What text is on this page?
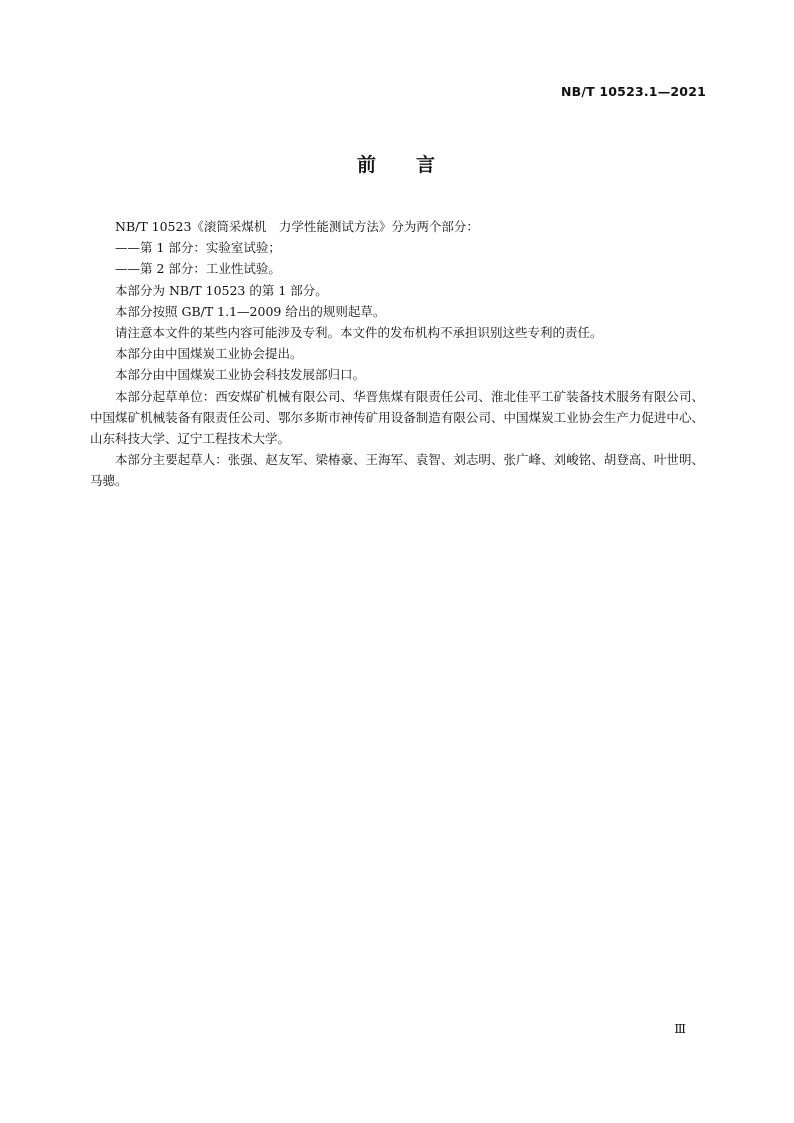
NB/T 10523.1—2021
前 言

NB/T 10523《滚筒采煤机　力学性能测试方法》分为两个部分：

——第 1 部分：实验室试验；

——第 2 部分：工业性试验。

本部分为 NB/T 10523 的第 1 部分。

本部分按照 GB/T 1.1—2009 给出的规则起草。

请注意本文件的某些内容可能涉及专利。本文件的发布机构不承担识别这些专利的责任。

本部分由中国煤炭工业协会提出。

本部分由中国煤炭工业协会科技发展部归口。

本部分起草单位：西安煤矿机械有限公司、华晋焦煤有限责任公司、淮北佳平工矿装备技术服务有限公司、中国煤矿机械装备有限责任公司、鄂尔多斯市神传矿用设备制造有限公司、中国煤炭工业协会生产力促进中心、山东科技大学、辽宁工程技术大学。

本部分主要起草人：张强、赵友军、梁椿豪、王海军、袁智、刘志明、张广峰、刘峻铭、胡登高、叶世明、马骢。

Ⅲ
